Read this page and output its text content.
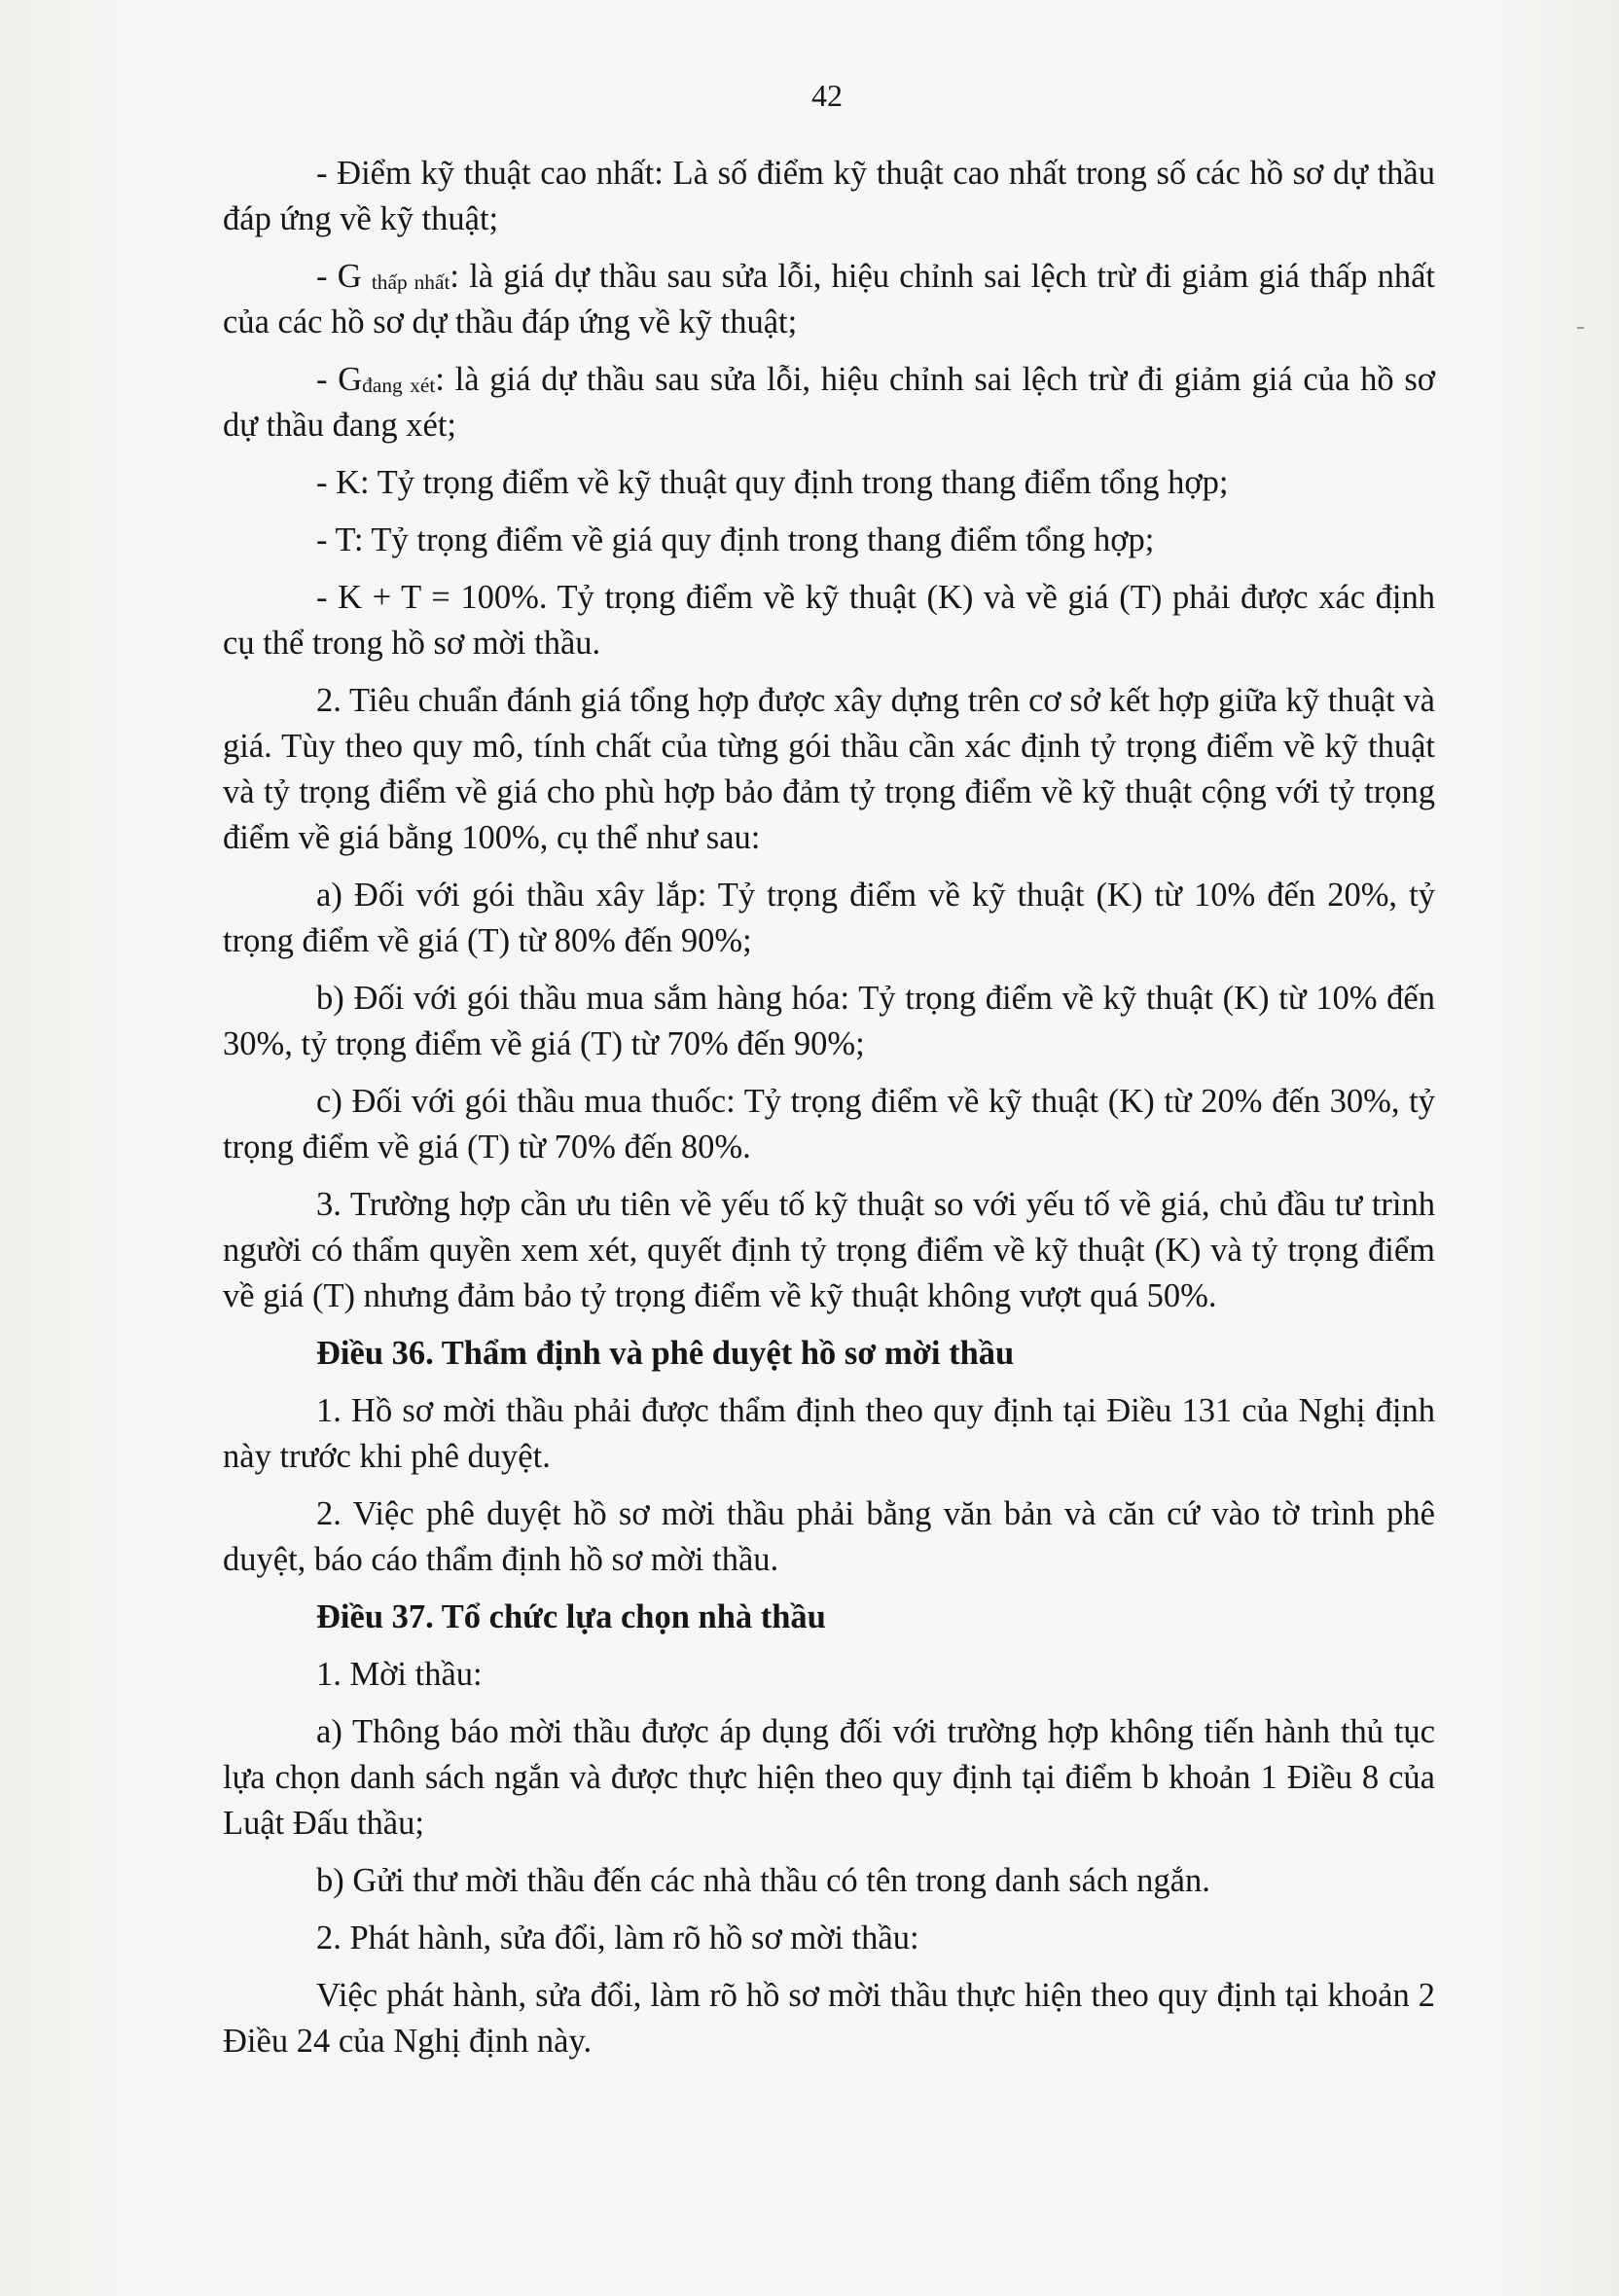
42

- Điểm kỹ thuật cao nhất: Là số điểm kỹ thuật cao nhất trong số các hồ sơ dự thầu đáp ứng về kỹ thuật;

- G $_{thấp nhất}$: là giá dự thầu sau sửa lỗi, hiệu chỉnh sai lệch trừ đi giảm giá thấp nhất của các hồ sơ dự thầu đáp ứng về kỹ thuật;

- $G_{đang xét}$: là giá dự thầu sau sửa lỗi, hiệu chỉnh sai lệch trừ đi giảm giá của hồ sơ dự thầu đang xét;

- K: Tỷ trọng điểm về kỹ thuật quy định trong thang điểm tổng hợp;

- T: Tỷ trọng điểm về giá quy định trong thang điểm tổng hợp;

- K + T = 100%. Tỷ trọng điểm về kỹ thuật (K) và về giá (T) phải được xác định cụ thể trong hồ sơ mời thầu.

2. Tiêu chuẩn đánh giá tổng hợp được xây dựng trên cơ sở kết hợp giữa kỹ thuật và giá. Tùy theo quy mô, tính chất của từng gói thầu cần xác định tỷ trọng điểm về kỹ thuật và tỷ trọng điểm về giá cho phù hợp bảo đảm tỷ trọng điểm về kỹ thuật cộng với tỷ trọng điểm về giá bằng 100%, cụ thể như sau:

a) Đối với gói thầu xây lắp: Tỷ trọng điểm về kỹ thuật (K) từ 10% đến 20%, tỷ trọng điểm về giá (T) từ 80% đến 90%;

b) Đối với gói thầu mua sắm hàng hóa: Tỷ trọng điểm về kỹ thuật (K) từ 10% đến 30%, tỷ trọng điểm về giá (T) từ 70% đến 90%;

c) Đối với gói thầu mua thuốc: Tỷ trọng điểm về kỹ thuật (K) từ 20% đến 30%, tỷ trọng điểm về giá (T) từ 70% đến 80%.

3. Trường hợp cần ưu tiên về yếu tố kỹ thuật so với yếu tố về giá, chủ đầu tư trình người có thẩm quyền xem xét, quyết định tỷ trọng điểm về kỹ thuật (K) và tỷ trọng điểm về giá (T) nhưng đảm bảo tỷ trọng điểm về kỹ thuật không vượt quá 50%.

Điều 36. Thẩm định và phê duyệt hồ sơ mời thầu

1. Hồ sơ mời thầu phải được thẩm định theo quy định tại Điều 131 của Nghị định này trước khi phê duyệt.

2. Việc phê duyệt hồ sơ mời thầu phải bằng văn bản và căn cứ vào tờ trình phê duyệt, báo cáo thẩm định hồ sơ mời thầu.

Điều 37. Tổ chức lựa chọn nhà thầu

1. Mời thầu:

a) Thông báo mời thầu được áp dụng đối với trường hợp không tiến hành thủ tục lựa chọn danh sách ngắn và được thực hiện theo quy định tại điểm b khoản 1 Điều 8 của Luật Đấu thầu;

b) Gửi thư mời thầu đến các nhà thầu có tên trong danh sách ngắn.

2. Phát hành, sửa đổi, làm rõ hồ sơ mời thầu:

Việc phát hành, sửa đổi, làm rõ hồ sơ mời thầu thực hiện theo quy định tại khoản 2 Điều 24 của Nghị định này.
